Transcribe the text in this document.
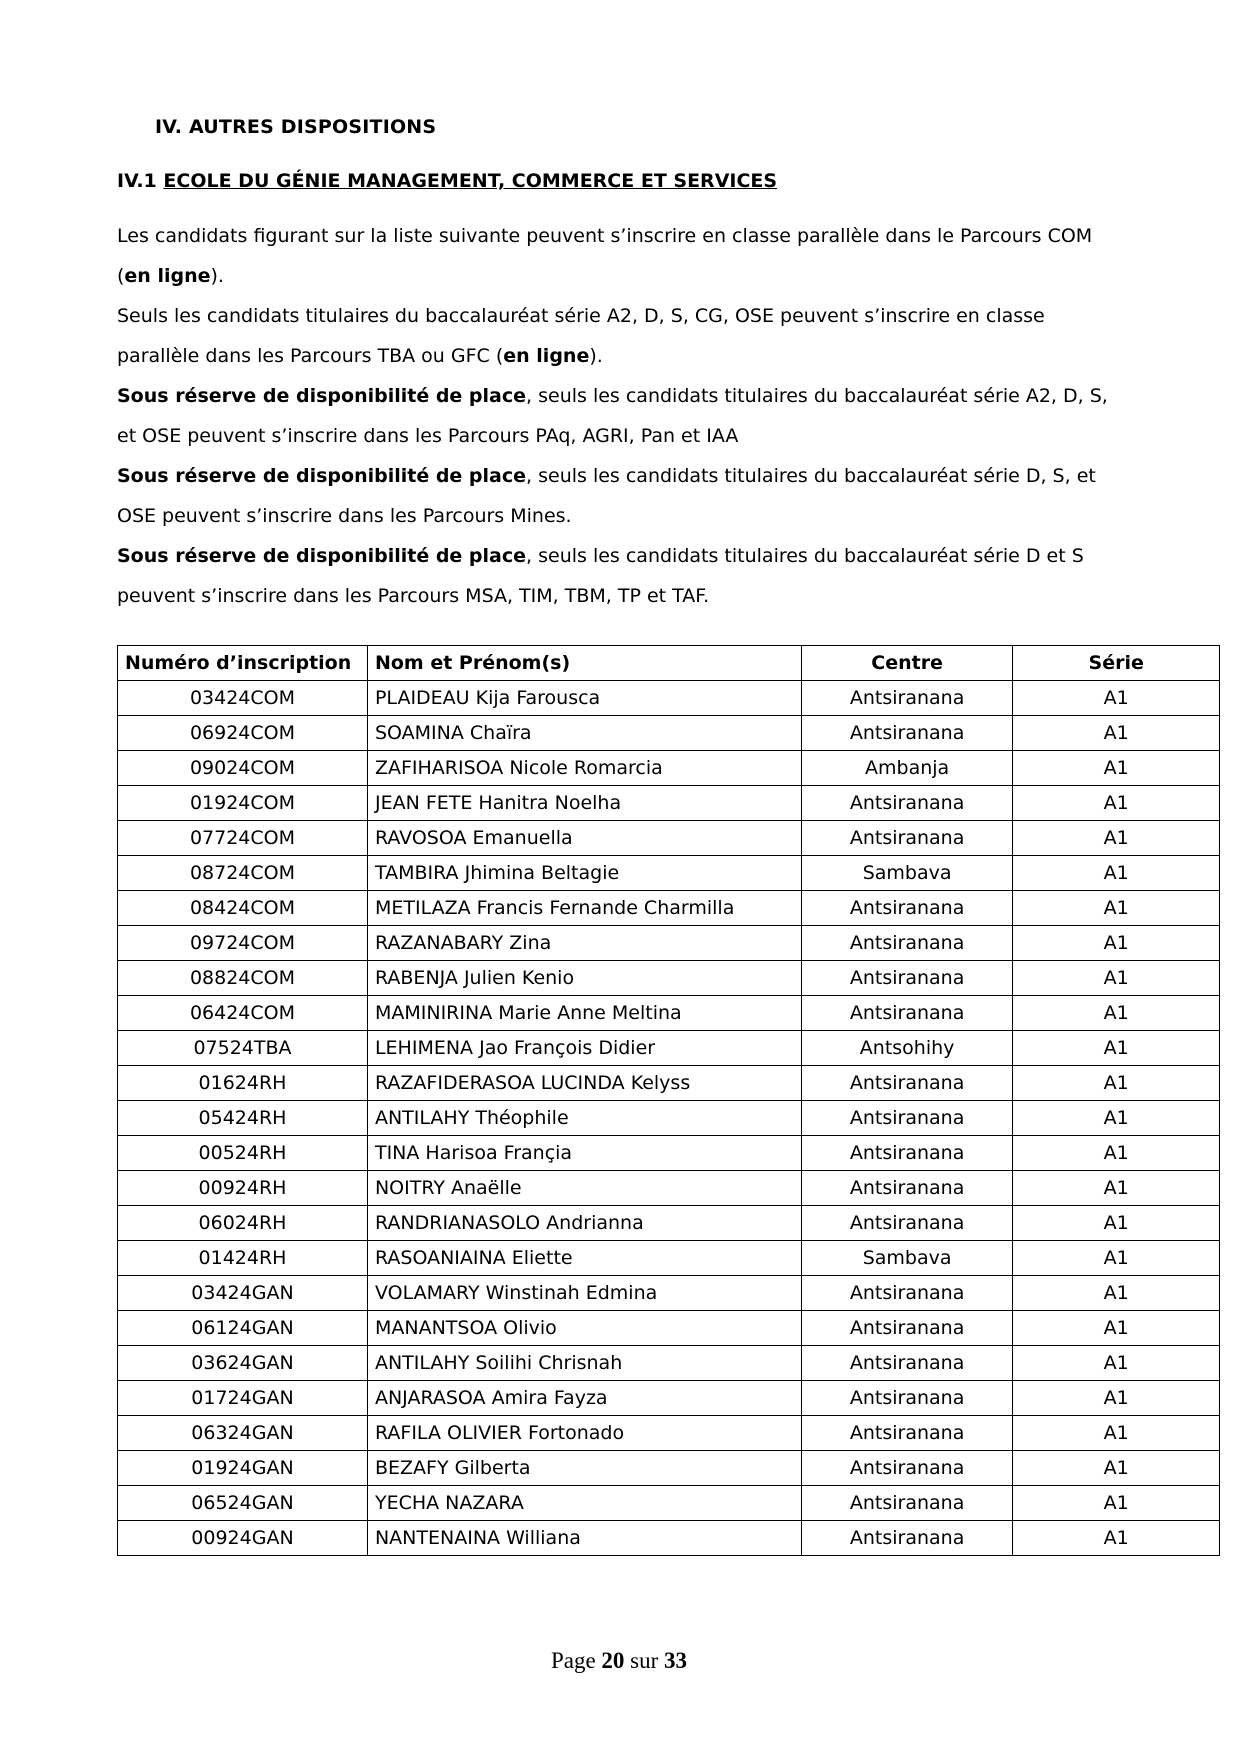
IV. AUTRES DISPOSITIONS
IV.1 ECOLE DU GÉNIE MANAGEMENT, COMMERCE ET SERVICES

Les candidats figurant sur la liste suivante peuvent s’inscrire en classe parallèle dans le Parcours COM (en ligne).

Seuls les candidats titulaires du baccalauréat série A2, D, S, CG, OSE peuvent s’inscrire en classe parallèle dans les Parcours TBA ou GFC (en ligne).

Sous réserve de disponibilité de place, seuls les candidats titulaires du baccalauréat série A2, D, S, et OSE peuvent s’inscrire dans les Parcours PAq, AGRI, Pan et IAA

Sous réserve de disponibilité de place, seuls les candidats titulaires du baccalauréat série D, S, et OSE peuvent s’inscrire dans les Parcours Mines.

Sous réserve de disponibilité de place, seuls les candidats titulaires du baccalauréat série D et S peuvent s’inscrire dans les Parcours MSA, TIM, TBM, TP et TAF.

Numéro d’inscription	Nom et Prénom(s)	Centre	Série
03424COM	PLAIDEAU Kija Farousca	Antsiranana	A1
06924COM	SOAMINA Chaïra	Antsiranana	A1
09024COM	ZAFIHARISOA Nicole Romarcia	Ambanja	A1
01924COM	JEAN FETE Hanitra Noelha	Antsiranana	A1
07724COM	RAVOSOA Emanuella	Antsiranana	A1
08724COM	TAMBIRA Jhimina Beltagie	Sambava	A1
08424COM	METILAZA Francis Fernande Charmilla	Antsiranana	A1
09724COM	RAZANABARY Zina	Antsiranana	A1
08824COM	RABENJA Julien Kenio	Antsiranana	A1
06424COM	MAMINIRINA Marie Anne Meltina	Antsiranana	A1
07524TBA	LEHIMENA Jao François Didier	Antsohihy	A1
01624RH	RAZAFIDERASOA LUCINDA Kelyss	Antsiranana	A1
05424RH	ANTILAHY Théophile	Antsiranana	A1
00524RH	TINA Harisoa Françia	Antsiranana	A1
00924RH	NOITRY Anaëlle	Antsiranana	A1
06024RH	RANDRIANASOLO Andrianna	Antsiranana	A1
01424RH	RASOANIAINA Eliette	Sambava	A1
03424GAN	VOLAMARY Winstinah Edmina	Antsiranana	A1
06124GAN	MANANTSOA Olivio	Antsiranana	A1
03624GAN	ANTILAHY Soilihi Chrisnah	Antsiranana	A1
01724GAN	ANJARASOA Amira Fayza	Antsiranana	A1
06324GAN	RAFILA OLIVIER Fortonado	Antsiranana	A1
01924GAN	BEZAFY Gilberta	Antsiranana	A1
06524GAN	YECHA NAZARA	Antsiranana	A1
00924GAN	NANTENAINA Williana	Antsiranana	A1
Page 20 sur 33
